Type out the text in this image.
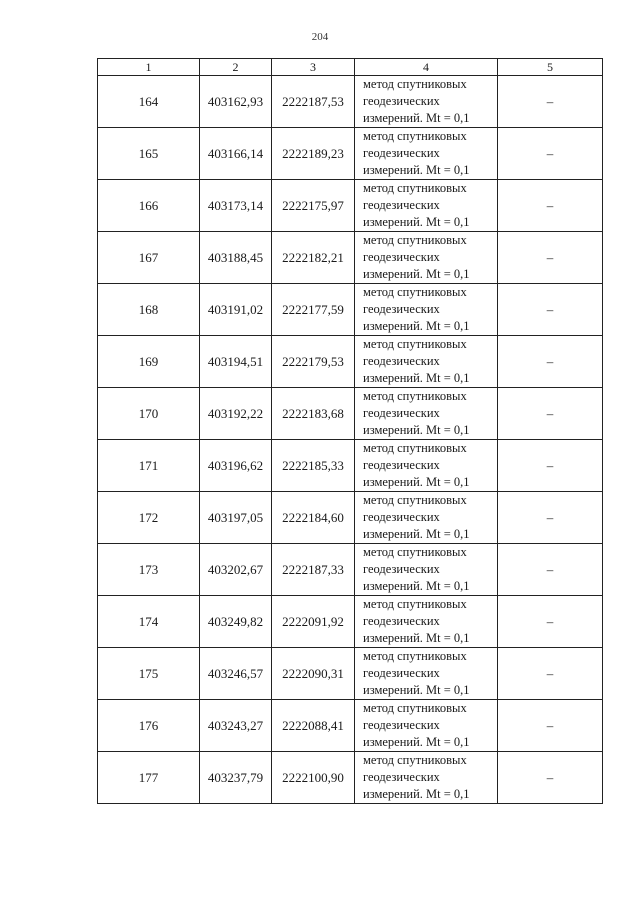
204
1	2	3	4	5
164	403162,93	2222187,53	метод спутниковых
геодезических
измерений. Mt = 0,1	–
165	403166,14	2222189,23	метод спутниковых
геодезических
измерений. Mt = 0,1	–
166	403173,14	2222175,97	метод спутниковых
геодезических
измерений. Mt = 0,1	–
167	403188,45	2222182,21	метод спутниковых
геодезических
измерений. Mt = 0,1	–
168	403191,02	2222177,59	метод спутниковых
геодезических
измерений. Mt = 0,1	–
169	403194,51	2222179,53	метод спутниковых
геодезических
измерений. Mt = 0,1	–
170	403192,22	2222183,68	метод спутниковых
геодезических
измерений. Mt = 0,1	–
171	403196,62	2222185,33	метод спутниковых
геодезических
измерений. Mt = 0,1	–
172	403197,05	2222184,60	метод спутниковых
геодезических
измерений. Mt = 0,1	–
173	403202,67	2222187,33	метод спутниковых
геодезических
измерений. Mt = 0,1	–
174	403249,82	2222091,92	метод спутниковых
геодезических
измерений. Mt = 0,1	–
175	403246,57	2222090,31	метод спутниковых
геодезических
измерений. Mt = 0,1	–
176	403243,27	2222088,41	метод спутниковых
геодезических
измерений. Mt = 0,1	–
177	403237,79	2222100,90	метод спутниковых
геодезических
измерений. Mt = 0,1	–
